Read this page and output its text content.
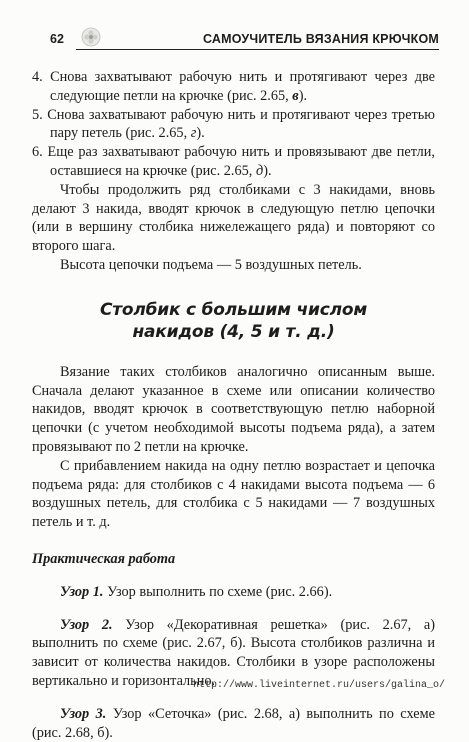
62	САМОУЧИТЕЛЬ ВЯЗАНИЯ КРЮЧКОМ

4. Снова захватывают рабочую нить и протягивают через две следующие петли на крючке (рис. 2.65, в).

5. Снова захватывают рабочую нить и протягивают через третью пару петель (рис. 2.65, г).

6. Еще раз захватывают рабочую нить и провязывают две петли, оставшиеся на крючке (рис. 2.65, д).

Чтобы продолжить ряд столбиками с 3 накидами, вновь делают 3 накида, вводят крючок в следующую петлю цепочки (или в вершину столбика нижележащего ряда) и повторяют со второго шага.

Высота цепочки подъема — 5 воздушных петель.

Столбик с большим числом
накидов (4, 5 и т. д.)

Вязание таких столбиков аналогично описанным выше. Сначала делают указанное в схеме или описании количество накидов, вводят крючок в соответствующую петлю наборной цепочки (с учетом необходимой высоты подъема ряда), а затем провязывают по 2 петли на крючке.

С прибавлением накида на одну петлю возрастает и цепочка подъема ряда: для столбиков с 4 накидами высота подъема — 6 воздушных петель, для столбика с 5 накидами — 7 воздушных петель и т. д.

Практическая работа

Узор 1. Узор выполнить по схеме (рис. 2.66).

Узор 2. Узор «Декоративная решетка» (рис. 2.67, а) выполнить по схеме (рис. 2.67, б). Высота столбиков различна и зависит от количества накидов. Столбики в узоре расположены вертикально и горизонтально.

Узор 3. Узор «Сеточка» (рис. 2.68, а) выполнить по схеме (рис. 2.68, б).

http://www.liveinternet.ru/users/galina_o/
